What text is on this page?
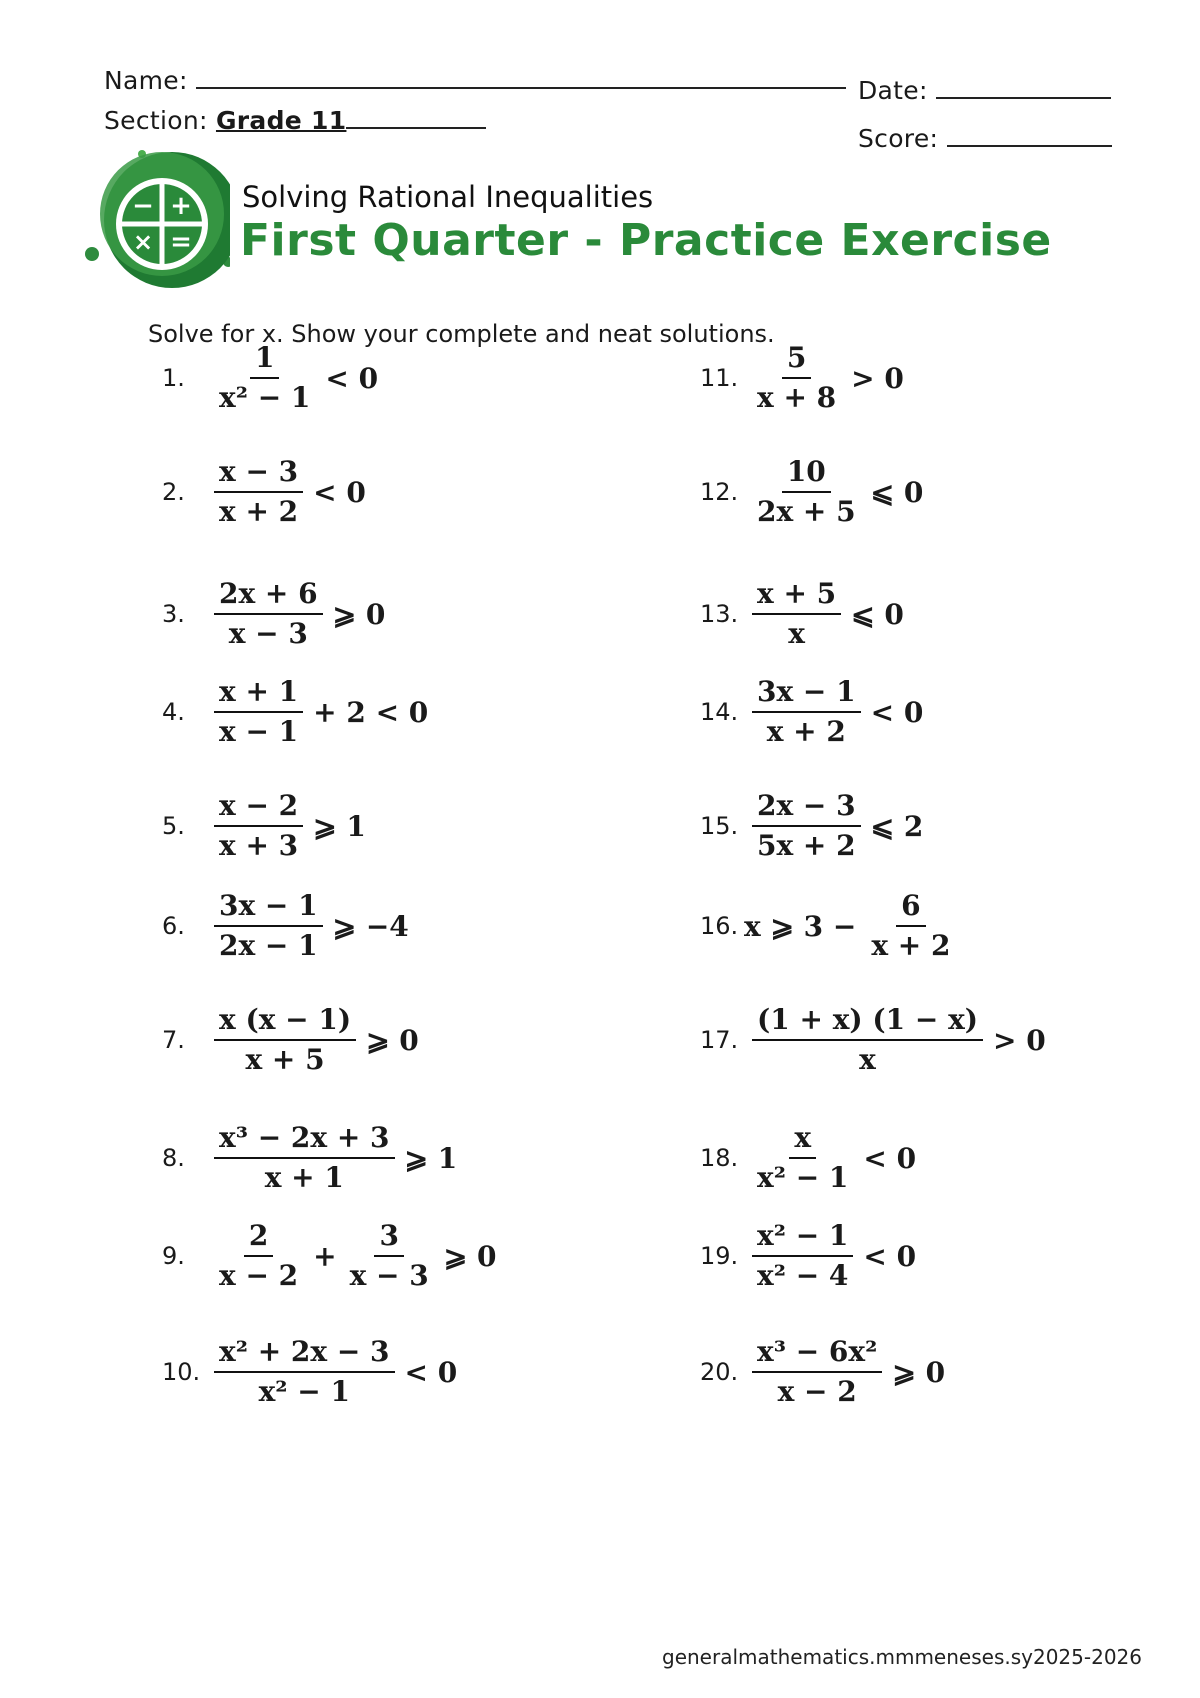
Name:	Date:
Section: Grade 11
Score:
− +
× =
Solving Rational Inequalities
First Quarter - Practice Exercise
Solve for x. Show your complete and neat solutions.
generalmathematics.mmmeneses.sy2025-2026
1.	$\frac{1}{\text{x² − 1}} < 0$
2.	$\frac{x - 3}{x + 2} < 0$
3.	$\frac{2x + 6}{x - 3}$ ⩾ 0
4.	$\frac{x + 1}{x - 1} + 2 < 0$
5.	$\frac{x - 2}{x + 3}$ ⩾ 1
6.	$\frac{3x - 1}{2x - 1}$ ⩾ −4
7.	$\frac{x (x - 1)}{x + 5}$ ⩾ 0
8.	$\frac{\text{x³ − 2x + 3}}{x + 1}$ ⩾ 1
9.	$\frac{2}{x - 2} + \frac{3}{x - 3}$ ⩾ 0
10. $\frac{\text{x² + 2x − 3}}{\text{x² − 1}} < 0$
11. $\frac{5}{x + 8} > 0$
12. $\frac{10}{2x + 5}$ ⩽ 0
13. $\frac{x + 5}{x}$ ⩽ 0
14. $\frac{3x - 1}{x + 2} < 0$
15. $\frac{2x - 3}{5x + 2}$ ⩽ 2
16. x ⩾ $3 - \frac{6}{x + 2}$
17. $\frac{(1 + x) (1 - x)}{x} > 0$
18. $\frac{x}{\text{x² − 1}} < 0$
19. $\frac{\text{x² − 1}}{\text{x² − 4}} < 0$
20. $\frac{\text{x³ − 6x²}}{x - 2}$ ⩾ 0
